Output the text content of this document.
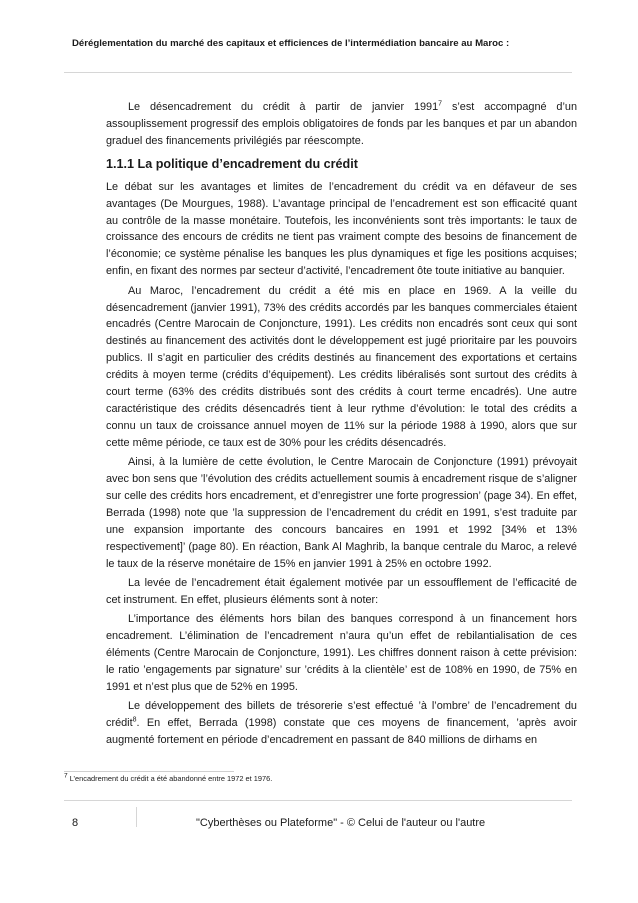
Déréglementation du marché des capitaux et efficiences de l’intermédiation bancaire au Maroc :

Le désencadrement du crédit à partir de janvier 1991$^7$ s’est accompagné d’un assouplissement progressif des emplois obligatoires de fonds par les banques et par un abandon graduel des financements privilégiés par réescompte.

1.1.1 La politique d’encadrement du crédit

Le débat sur les avantages et limites de l’encadrement du crédit va en défaveur de ses avantages (De Mourgues, 1988). L’avantage principal de l’encadrement est son efficacité quant au contrôle de la masse monétaire. Toutefois, les inconvénients sont très importants: le taux de croissance des encours de crédits ne tient pas vraiment compte des besoins de financement de l’économie; ce système pénalise les banques les plus dynamiques et fige les positions acquises; enfin, en fixant des normes par secteur d’activité, l’encadrement ôte toute initiative au banquier.

Au Maroc, l’encadrement du crédit a été mis en place en 1969. A la veille du désencadrement (janvier 1991), 73% des crédits accordés par les banques commerciales étaient encadrés (Centre Marocain de Conjoncture, 1991). Les crédits non encadrés sont ceux qui sont destinés au financement des activités dont le développement est jugé prioritaire par les pouvoirs publics. Il s’agit en particulier des crédits destinés au financement des exportations et certains crédits à moyen terme (crédits d’équipement). Les crédits libéralisés sont surtout des crédits à court terme (63% des crédits distribués sont des crédits à court terme encadrés). Une autre caractéristique des crédits désencadrés tient à leur rythme d’évolution: le total des crédits a connu un taux de croissance annuel moyen de 11% sur la période 1988 à 1990, alors que sur cette même période, ce taux est de 30% pour les crédits désencadrés.

Ainsi, à la lumière de cette évolution, le Centre Marocain de Conjoncture (1991) prévoyait avec bon sens que ’l’évolution des crédits actuellement soumis à encadrement risque de s’aligner sur celle des crédits hors encadrement, et d’enregistrer une forte progression’ (page 34). En effet, Berrada (1998) note que ’la suppression de l’encadrement du crédit en 1991, s’est traduite par une expansion importante des concours bancaires en 1991 et 1992 [34% et 13% respectivement]’ (page 80). En réaction, Bank Al Maghrib, la banque centrale du Maroc, a relevé le taux de la réserve monétaire de 15% en janvier 1991 à 25% en octobre 1992.

La levée de l’encadrement était également motivée par un essoufflement de l’efficacité de cet instrument. En effet, plusieurs éléments sont à noter:

L’importance des éléments hors bilan des banques correspond à un financement hors encadrement. L’élimination de l’encadrement n’aura qu’un effet de rebilantialisation de ces éléments (Centre Marocain de Conjoncture, 1991). Les chiffres donnent raison à cette prévision: le ratio ’engagements par signature’ sur ’crédits à la clientèle’ est de 108% en 1990, de 75% en 1991 et n’est plus que de 52% en 1995.

Le développement des billets de trésorerie s’est effectué ’à l’ombre’ de l’encadrement du crédit$^8$. En effet, Berrada (1998) constate que ces moyens de financement, ’après avoir augmenté fortement en période d’encadrement en passant de 840 millions de dirhams en

$^7$ L’encadrement du crédit a été abandonné entre 1972 et 1976.
8	"Cyberthèses ou Plateforme" - © Celui de l'auteur ou l'autre
